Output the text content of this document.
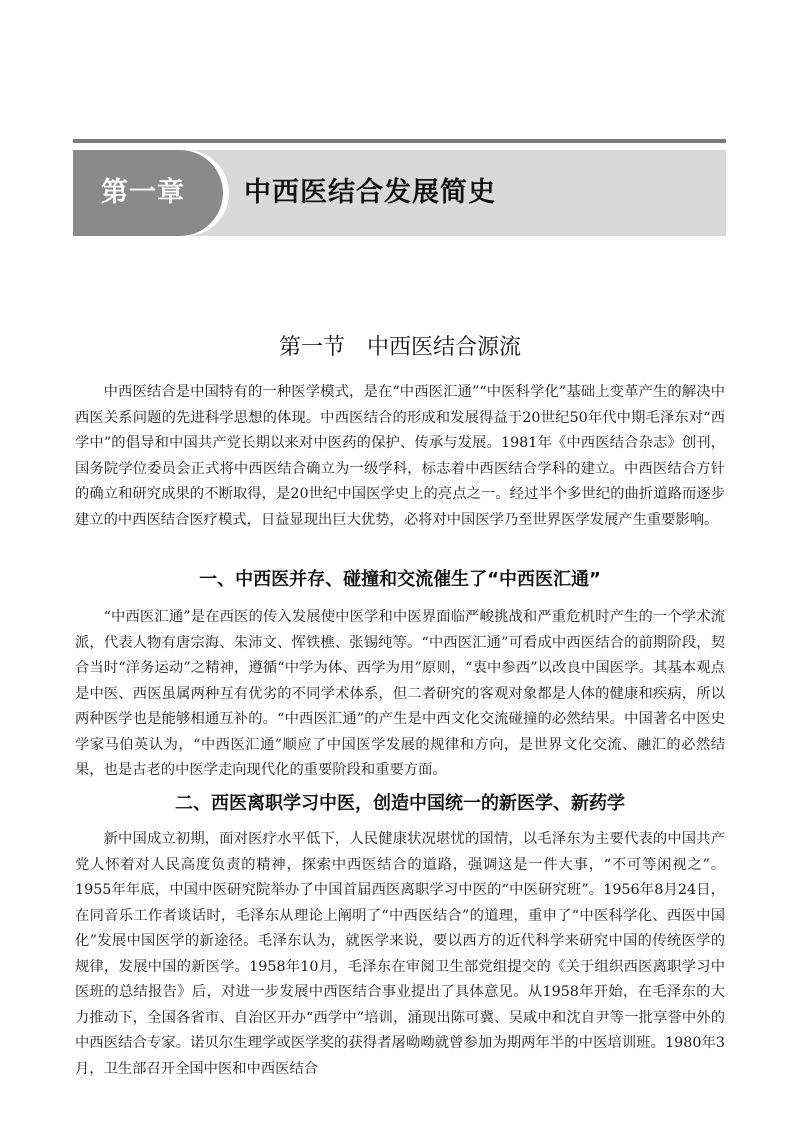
第一章	中西医结合发展简史
第一节　中西医结合源流

中西医结合是中国特有的一种医学模式，是在“中西医汇通”“中医科学化”基础上变革产生的解决中西医关系问题的先进科学思想的体现。中西医结合的形成和发展得益于20世纪50年代中期毛泽东对“西学中”的倡导和中国共产党长期以来对中医药的保护、传承与发展。1981年《中西医结合杂志》创刊，国务院学位委员会正式将中西医结合确立为一级学科，标志着中西医结合学科的建立。中西医结合方针的确立和研究成果的不断取得，是20世纪中国医学史上的亮点之一。经过半个多世纪的曲折道路而逐步建立的中西医结合医疗模式，日益显现出巨大优势，必将对中国医学乃至世界医学发展产生重要影响。

一、中西医并存、碰撞和交流催生了“中西医汇通”

“中西医汇通”是在西医的传入发展使中医学和中医界面临严峻挑战和严重危机时产生的一个学术流派，代表人物有唐宗海、朱沛文、恽铁樵、张锡纯等。“中西医汇通”可看成中西医结合的前期阶段，契合当时“洋务运动”之精神，遵循“中学为体、西学为用”原则，“衷中参西”以改良中国医学。其基本观点是中医、西医虽属两种互有优劣的不同学术体系，但二者研究的客观对象都是人体的健康和疾病，所以两种医学也是能够相通互补的。“中西医汇通”的产生是中西文化交流碰撞的必然结果。中国著名中医史学家马伯英认为，“中西医汇通”顺应了中国医学发展的规律和方向，是世界文化交流、融汇的必然结果，也是古老的中医学走向现代化的重要阶段和重要方面。

二、西医离职学习中医，创造中国统一的新医学、新药学

新中国成立初期，面对医疗水平低下，人民健康状况堪忧的国情，以毛泽东为主要代表的中国共产党人怀着对人民高度负责的精神，探索中西医结合的道路，强调这是一件大事，“不可等闲视之”。1955年年底，中国中医研究院举办了中国首届西医离职学习中医的“中医研究班”。1956年8月24日，在同音乐工作者谈话时，毛泽东从理论上阐明了“中西医结合”的道理，重申了“中医科学化、西医中国化”发展中国医学的新途径。毛泽东认为，就医学来说，要以西方的近代科学来研究中国的传统医学的规律，发展中国的新医学。1958年10月，毛泽东在审阅卫生部党组提交的《关于组织西医离职学习中医班的总结报告》后，对进一步发展中西医结合事业提出了具体意见。从1958年开始，在毛泽东的大力推动下，全国各省市、自治区开办“西学中”培训，涌现出陈可冀、吴咸中和沈自尹等一批享誉中外的中西医结合专家。诺贝尔生理学或医学奖的获得者屠呦呦就曾参加为期两年半的中医培训班。1980年3月，卫生部召开全国中医和中西医结合
